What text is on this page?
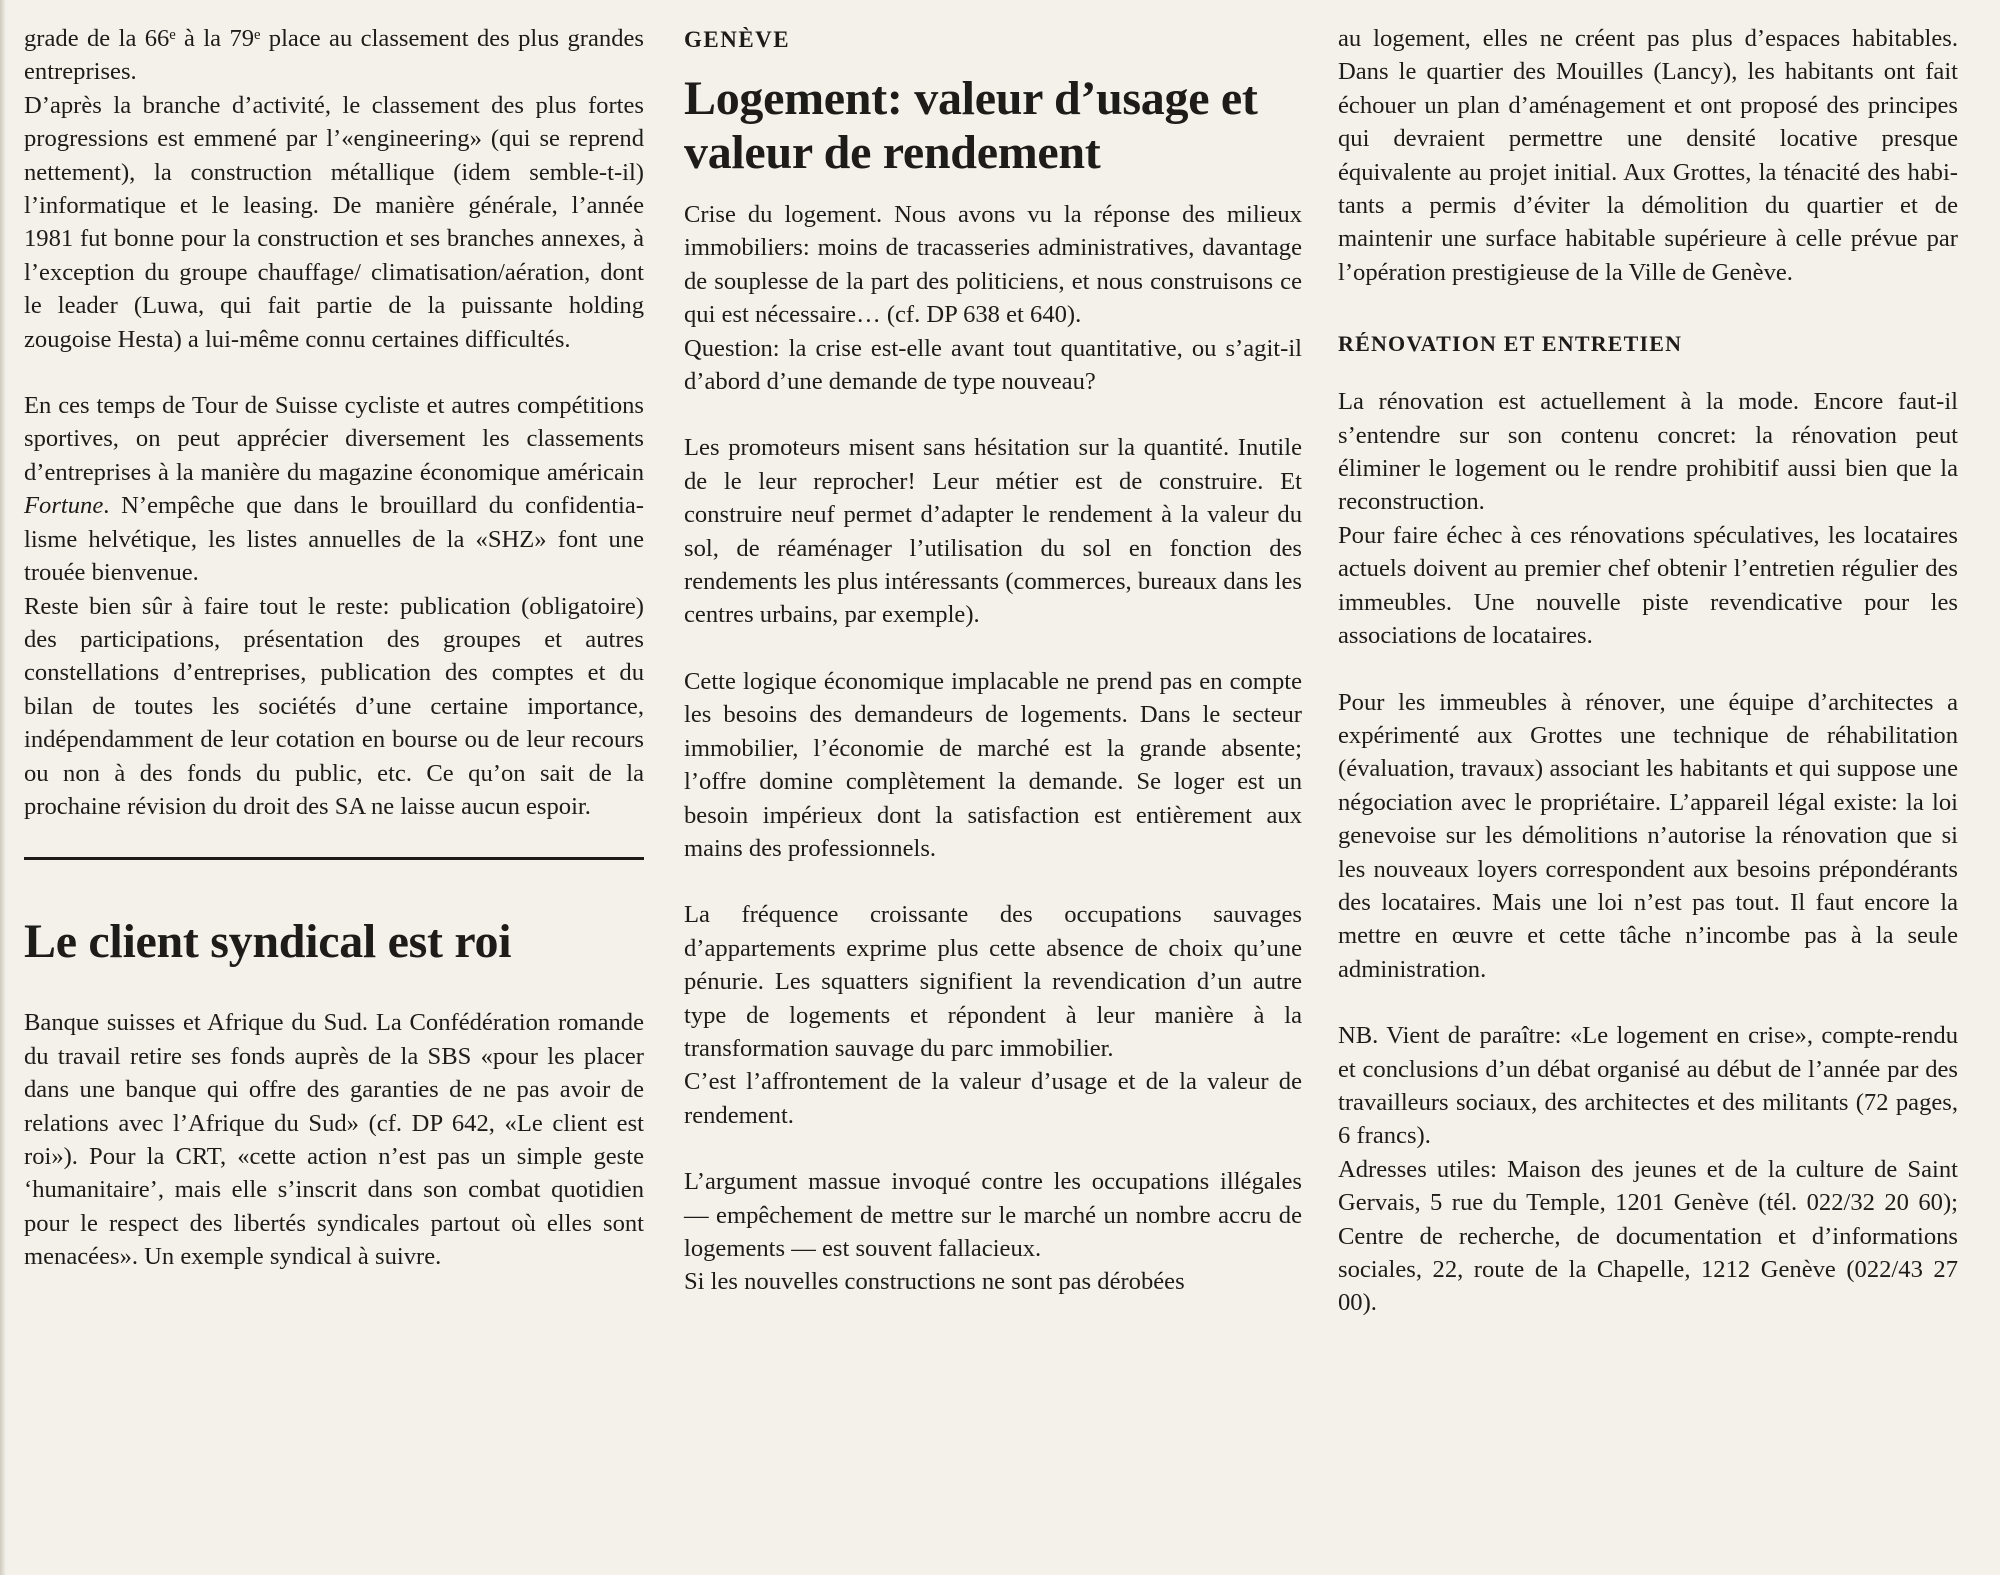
grade de la 66ᵉ à la 79ᵉ place au classement des plus grandes entreprises.

D’après la branche d’activité, le classement des plus fortes progressions est emmené par l’«engineering» (qui se reprend nettement), la construction métallique (idem semble-t-il) l’informatique et le leasing. De manière générale, l’année 1981 fut bonne pour la construction et ses branches annexes, à l’exception du groupe chauffage/ climatisation/aération, dont le leader (Luwa, qui fait partie de la puissante holding zougoise Hesta) a lui-même connu certaines difficultés.

En ces temps de Tour de Suisse cycliste et autres compétitions sportives, on peut apprécier diversement les classements d’entreprises à la manière du magazine économique américain Fortune. N’empêche que dans le brouillard du confidentialisme helvétique, les listes annuelles de la «SHZ» font une trouée bienvenue.

Reste bien sûr à faire tout le reste: publication (obligatoire) des participations, présentation des groupes et autres constellations d’entreprises, publication des comptes et du bilan de toutes les sociétés d’une certaine importance, indépendamment de leur cotation en bourse ou de leur recours ou non à des fonds du public, etc. Ce qu’on sait de la prochaine révision du droit des SA ne laisse aucun espoir.

Le client syndical est roi

Banque suisses et Afrique du Sud. La Confédération romande du travail retire ses fonds auprès de la SBS «pour les placer dans une banque qui offre des garanties de ne pas avoir de relations avec l’Afrique du Sud» (cf. DP 642, «Le client est roi»). Pour la CRT, «cette action n’est pas un simple geste ‘humanitaire’, mais elle s’inscrit dans son combat quotidien pour le respect des libertés syndicales partout où elles sont menacées». Un exemple syndical à suivre.

GENÈVE
Logement: valeur d’usage et valeur de rendement

Crise du logement. Nous avons vu la réponse des milieux immobiliers: moins de tracasseries administratives, davantage de souplesse de la part des politiciens, et nous construisons ce qui est nécessaire… (cf. DP 638 et 640).

Question: la crise est-elle avant tout quantitative, ou s’agit-il d’abord d’une demande de type nouveau?

Les promoteurs misent sans hésitation sur la quantité. Inutile de le leur reprocher! Leur métier est de construire. Et construire neuf permet d’adapter le rendement à la valeur du sol, de réaménager l’utilisation du sol en fonction des rendements les plus intéressants (commerces, bureaux dans les centres urbains, par exemple).

Cette logique économique implacable ne prend pas en compte les besoins des demandeurs de logements. Dans le secteur immobilier, l’économie de marché est la grande absente; l’offre domine complètement la demande. Se loger est un besoin impérieux dont la satisfaction est entièrement aux mains des professionnels.

La fréquence croissante des occupations sauvages d’appartements exprime plus cette absence de choix qu’une pénurie. Les squatters signifient la revendication d’un autre type de logements et répondent à leur manière à la transformation sauvage du parc immobilier.

C’est l’affrontement de la valeur d’usage et de la valeur de rendement.

L’argument massue invoqué contre les occupations illégales — empêchement de mettre sur le marché un nombre accru de logements — est souvent fallacieux.

Si les nouvelles constructions ne sont pas dérobées

au logement, elles ne créent pas plus d’espaces habitables. Dans le quartier des Mouilles (Lancy), les habitants ont fait échouer un plan d’aménagement et ont proposé des principes qui devraient permettre une densité locative presque équivalente au projet initial. Aux Grottes, la ténacité des habitants a permis d’éviter la démolition du quartier et de maintenir une surface habitable supérieure à celle prévue par l’opération prestigieuse de la Ville de Genève.

RÉNOVATION ET ENTRETIEN

La rénovation est actuellement à la mode. Encore faut-il s’entendre sur son contenu concret: la rénovation peut éliminer le logement ou le rendre prohibitif aussi bien que la reconstruction.

Pour faire échec à ces rénovations spéculatives, les locataires actuels doivent au premier chef obtenir l’entretien régulier des immeubles. Une nouvelle piste revendicative pour les associations de locataires.

Pour les immeubles à rénover, une équipe d’architectes a expérimenté aux Grottes une technique de réhabilitation (évaluation, travaux) associant les habitants et qui suppose une négociation avec le propriétaire. L’appareil légal existe: la loi genevoise sur les démolitions n’autorise la rénovation que si les nouveaux loyers correspondent aux besoins prépondérants des locataires. Mais une loi n’est pas tout. Il faut encore la mettre en œuvre et cette tâche n’incombe pas à la seule administration.

NB. Vient de paraître: «Le logement en crise», compte-rendu et conclusions d’un débat organisé au début de l’année par des travailleurs sociaux, des architectes et des militants (72 pages, 6 francs).

Adresses utiles: Maison des jeunes et de la culture de Saint Gervais, 5 rue du Temple, 1201 Genève (tél. 022/32 20 60); Centre de recherche, de documentation et d’informations sociales, 22, route de la Chapelle, 1212 Genève (022/43 27 00).
